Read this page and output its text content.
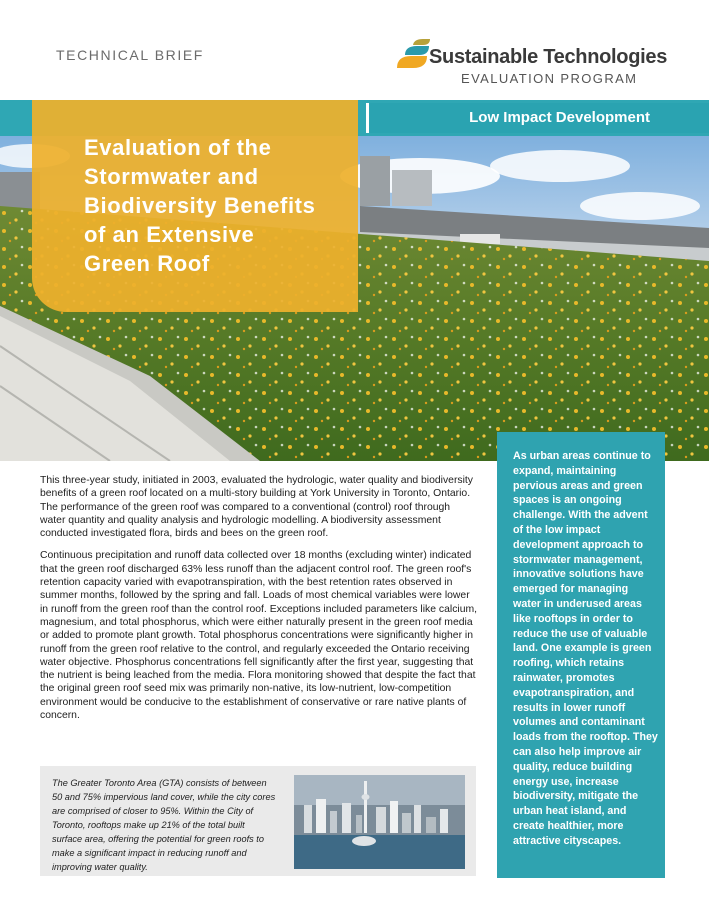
TECHNICAL BRIEF	Sustainable Technologies
EVALUATION PROGRAM
Low Impact Development
Evaluation of the
Stormwater and
Biodiversity Benefits
of an Extensive
Green Roof

This three-year study, initiated in 2003, evaluated the hydrologic, water quality and biodiversity benefits of a green roof located on a multi-story building at York University in Toronto, Ontario. The performance of the green roof was compared to a conventional (control) roof through water quantity and quality analysis and hydrologic modelling. A biodiversity assessment conducted investigated flora, birds and bees on the green roof.

Continuous precipitation and runoff data collected over 18 months (excluding winter) indicated that the green roof discharged 63% less runoff than the adjacent control roof. The green roof's retention capacity varied with evapotranspiration, with the best retention rates observed in summer months, followed by the spring and fall. Loads of most chemical variables were lower in runoff from the green roof than the control roof. Exceptions included parameters like calcium, magnesium, and total phosphorus, which were either naturally present in the green roof media or added to promote plant growth. Total phosphorus concentrations were significantly higher in runoff from the green roof relative to the control, and regularly exceeded the Ontario receiving water objective. Phosphorus concentrations fell significantly after the first year, suggesting that the nutrient is being leached from the media. Flora monitoring showed that despite the fact that the original green roof seed mix was primarily non-native, its low-nutrient, low-competition environment would be conducive to the establishment of conservative or rare native plants of concern.

As urban areas continue to expand, maintaining pervious areas and green spaces is an ongoing challenge. With the advent of the low impact development approach to stormwater management, innovative solutions have emerged for managing water in underused areas like rooftops in order to reduce the use of valuable land. One example is green roofing, which retains rainwater, promotes evapotranspiration, and results in lower runoff volumes and contaminant loads from the rooftop. They can also help improve air quality, reduce building energy use, increase biodiversity, mitigate the urban heat island, and create healthier, more attractive cityscapes.
The Greater Toronto Area (GTA) consists of between 50 and 75% impervious land cover, while the city cores are comprised of closer to 95%. Within the City of Toronto, rooftops make up 21% of the total built surface area, offering the potential for green roofs to make a significant impact in reducing runoff and improving water quality.
